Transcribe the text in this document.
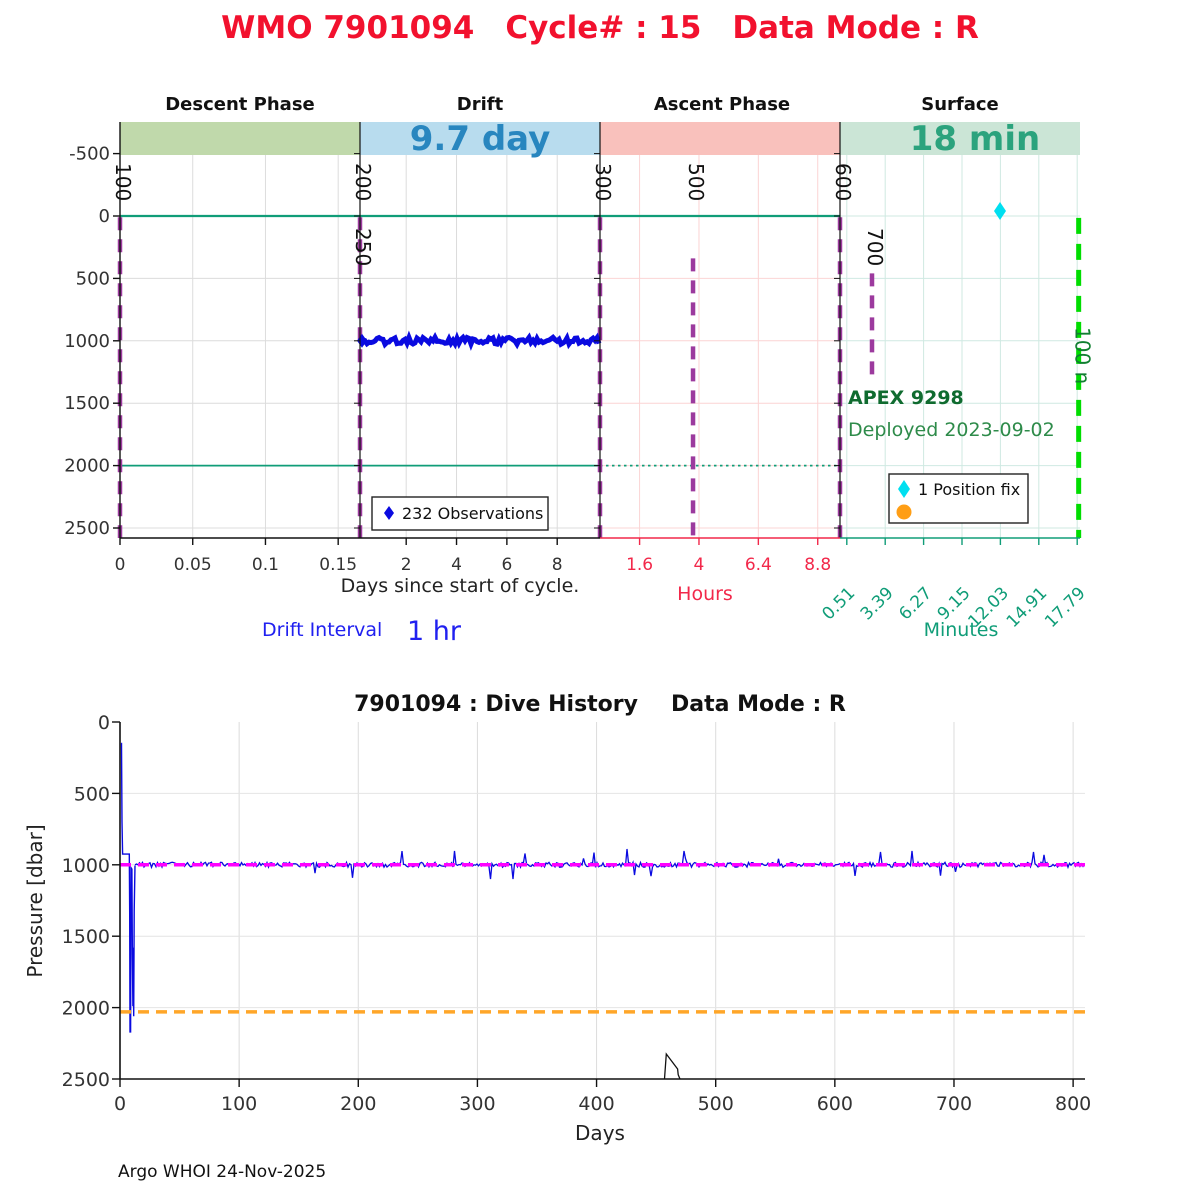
WMO 7901094 Cycle# : 15 Data Mode : R
Descent Phase	Drift	Ascent Phase	Surface
9.7 day	18 min
100	200
250
300	500	600
700
100 n
-500
0
500
1000
1500
2000
2500
0	0.05 0.1 0.15	2 4 6 8	1.6 4 6.4 8.8
0.51
3.39
6.27
9.15
12.03
14.91
17.79
232 Observations
1 Position fix
APEX 9298
Deployed 2023-09-02
Days since start of cycle.	Hours
Minutes
Drift Interval 1 hr
7901094 : Dive History  Data Mode : R
0
500
1000
1500
2000
2500
0	100	200	300	400	500	600	700	800
Days
Pressure [dbar]
Argo WHOI 24-Nov-2025
